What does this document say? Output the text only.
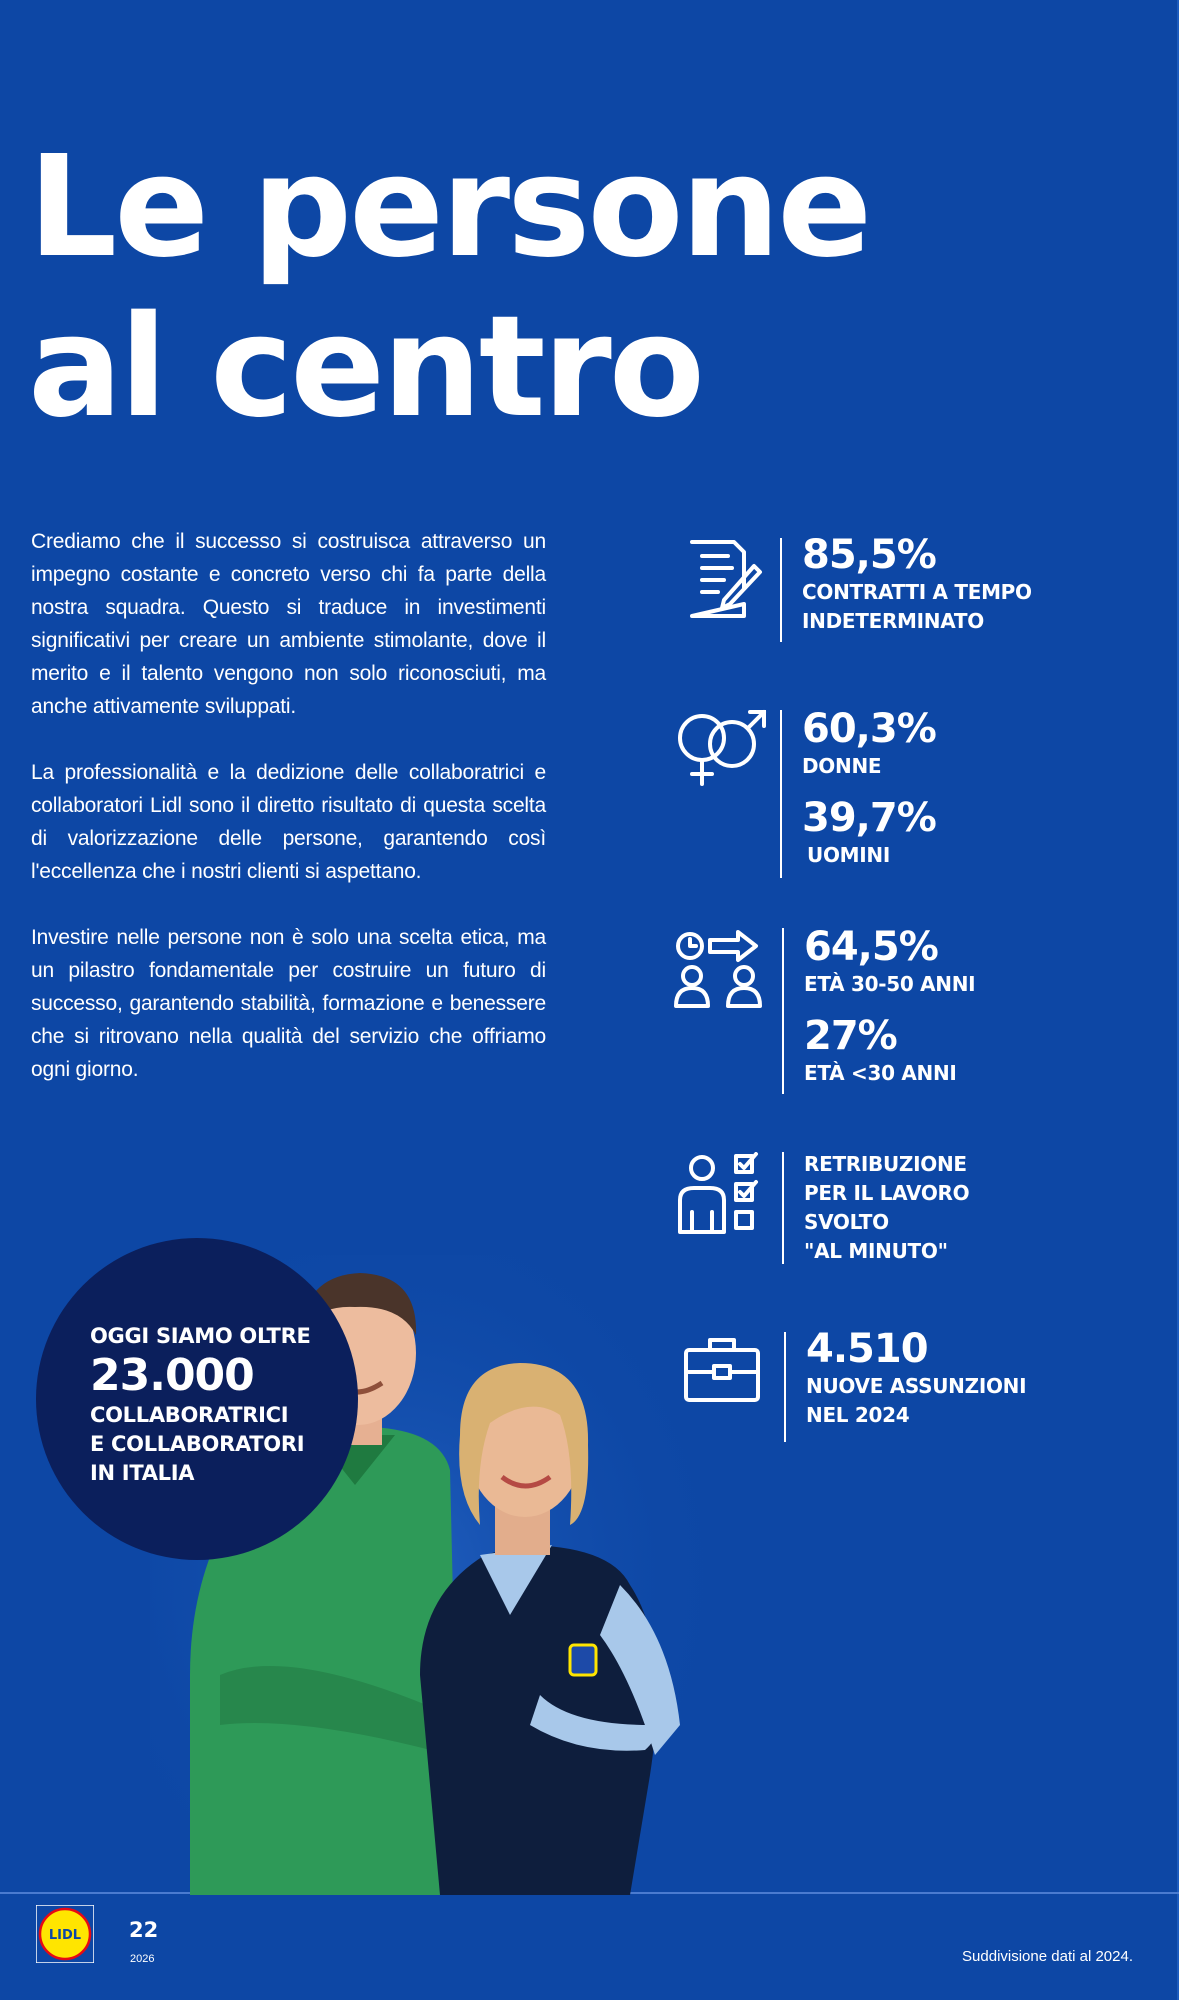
Le persone
al centro

Crediamo che il successo si costruisca attraverso un impegno costante e concreto verso chi fa parte della nostra squadra. Questo si traduce in investimenti significativi per creare un ambiente stimolante, dove il merito e il talento vengono non solo riconosciuti, ma anche attivamente sviluppati.

La professionalità e la dedizione delle collaboratrici e collaboratori Lidl sono il diretto risultato di questa scelta di valorizzazione delle persone, garantendo così l'eccellenza che i nostri clienti si aspettano.

Investire nelle persone non è solo una scelta etica, ma un pilastro fondamentale per costruire un futuro di successo, garantendo stabilità, formazione e benessere che si ritrovano nella qualità del servizio che offriamo ogni giorno.

85,5%
CONTRATTI A TEMPO
INDETERMINATO
60,3%
DONNE
39,7%
UOMINI
64,5%
ETÀ 30-50 ANNI
27%
ETÀ <30 ANNI
RETRIBUZIONE
PER IL LAVORO
SVOLTO
"AL MINUTO"
4.510
NUOVE ASSUNZIONI
NEL 2024
OGGI SIAMO OLTRE
23.000
COLLABORATRICI
E COLLABORATORI
IN ITALIA
LIDL 22
2026	Suddivisione dati al 2024.
